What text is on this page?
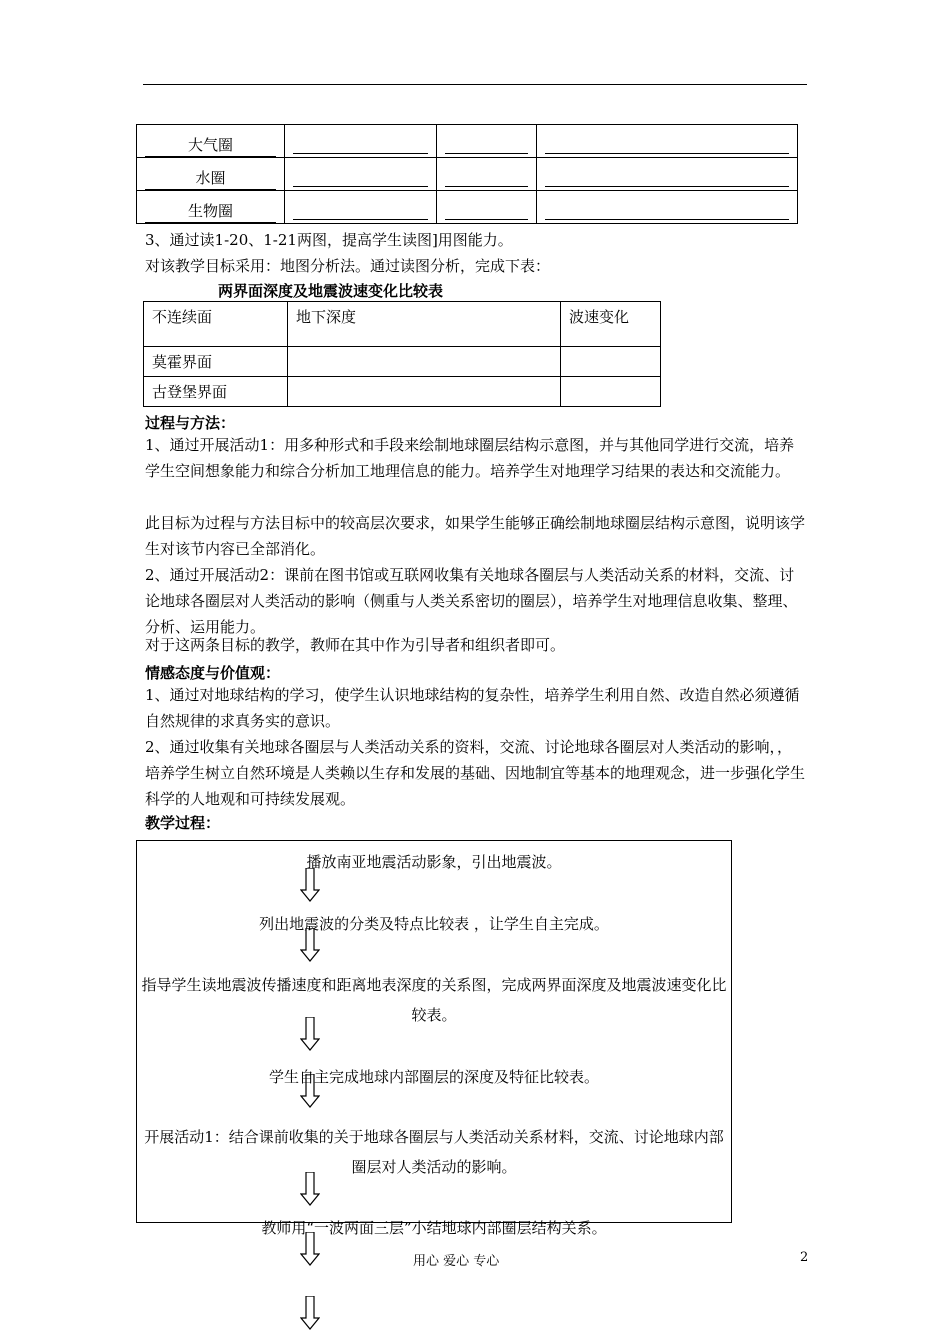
大气圈			

水圈			

生物圈			

3、通过读1-20、1-21两图，提高学生读图]用图能力。
对该教学目标采用：地图分析法。通过读图分析，完成下表：
两界面深度及地震波速变化比较表
不连续面	地下深度	波速变化
莫霍界面		
古登堡界面		
过程与方法：
1、通过开展活动1：用多种形式和手段来绘制地球圈层结构示意图，并与其他同学进行交流，培养学生空间想象能力和综合分析加工地理信息的能力。培养学生对地理学习结果的表达和交流能力。
此目标为过程与方法目标中的较高层次要求，如果学生能够正确绘制地球圈层结构示意图，说明该学生对该节内容已全部消化。
2、通过开展活动2：课前在图书馆或互联网收集有关地球各圈层与人类活动关系的材料，交流、讨论地球各圈层对人类活动的影响（侧重与人类关系密切的圈层），培养学生对地理信息收集、整理、分析、运用能力。
对于这两条目标的教学，教师在其中作为引导者和组织者即可。
情感态度与价值观：
1、通过对地球结构的学习，使学生认识地球结构的复杂性，培养学生利用自然、改造自然必须遵循自然规律的求真务实的意识。
2、通过收集有关地球各圈层与人类活动关系的资料，交流、讨论地球各圈层对人类活动的影响，，培养学生树立自然环境是人类赖以生存和发展的基础、因地制宜等基本的地理观念，进一步强化学生科学的人地观和可持续发展观。
教学过程：
播放南亚地震活动影象，引出地震波。
列出地震波的分类及特点比较表 ，让学生自主完成。
指导学生读地震波传播速度和距离地表深度的关系图，完成两界面深度及地震波速变化比较表。
学生自主完成地球内部圈层的深度及特征比较表。
开展活动1：结合课前收集的关于地球各圈层与人类活动关系材料，交流、讨论地球内部圈层对人类活动的影响。
教师用“一波两面三层”小结地球内部圈层结构关系。
用心 爱心 专心	2
